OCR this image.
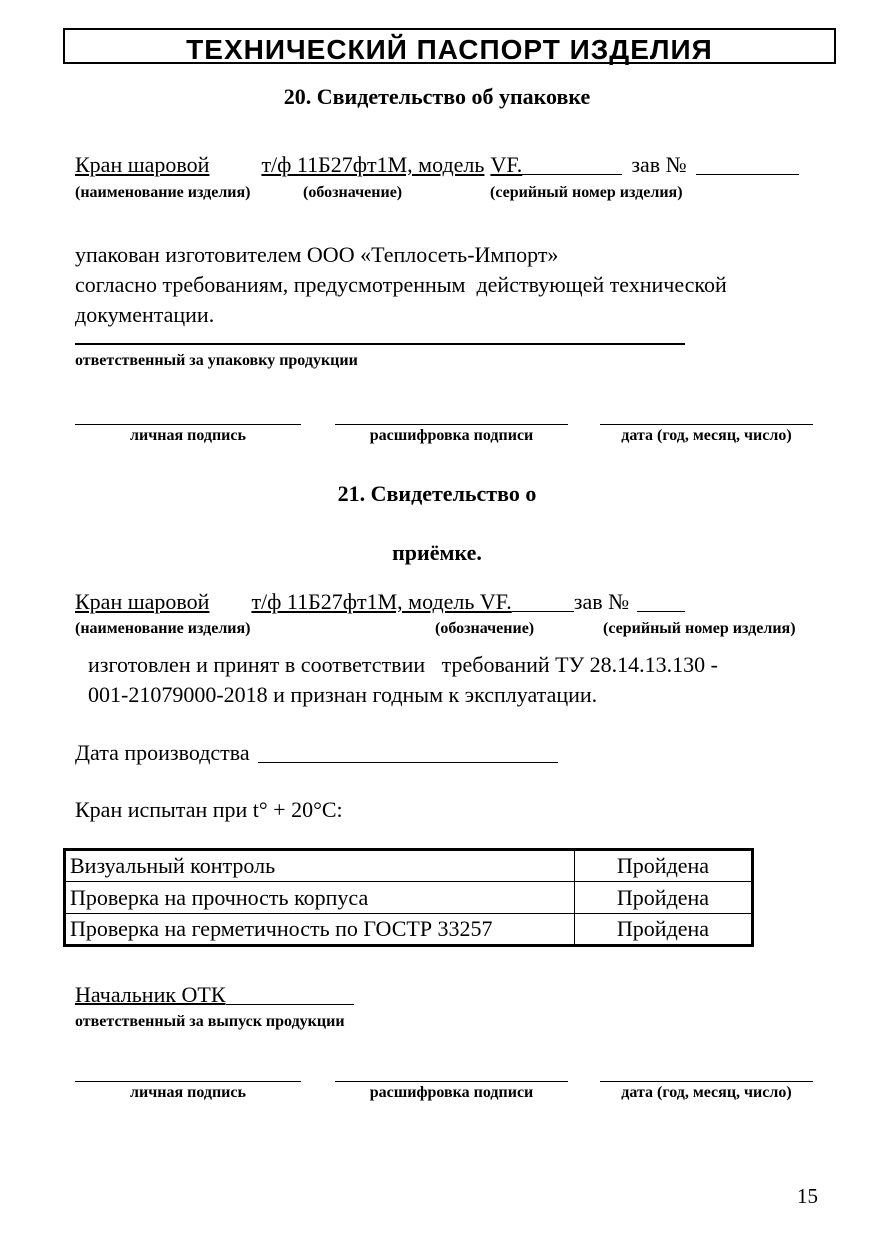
ТЕХНИЧЕСКИЙ ПАСПОРТ ИЗДЕЛИЯ
20. Свидетельство об упаковке
Кран шаровой т/ф 11Б27фт1М, модель VF.	зав №
(наименование изделия)	(обозначение)	(серийный номер изделия)
упакован изготовителем ООО «Теплосеть-Импорт»
согласно требованиям, предусмотренным  действующей технической
документации.
ответственный за упаковку продукции
личная подпись	расшифровка подписи	дата (год, месяц, число)
21. Свидетельство о
приёмке.
Кран шаровой т/ф 11Б27фт1М, модель VF.	зав №
(наименование изделия)	(обозначение)	(серийный номер изделия)
изготовлен и принят в соответствии   требований ТУ 28.14.13.130 -
001-21079000-2018 и признан годным к эксплуатации.
Дата производства
Кран испытан при t° + 20°С:
Визуальный контроль	Пройдена
Проверка на прочность корпуса	Пройдена
Проверка на герметичность по ГОСТР 33257	Пройдена
Начальник ОТК
ответственный за выпуск продукции
личная подпись	расшифровка подписи	дата (год, месяц, число)
15
